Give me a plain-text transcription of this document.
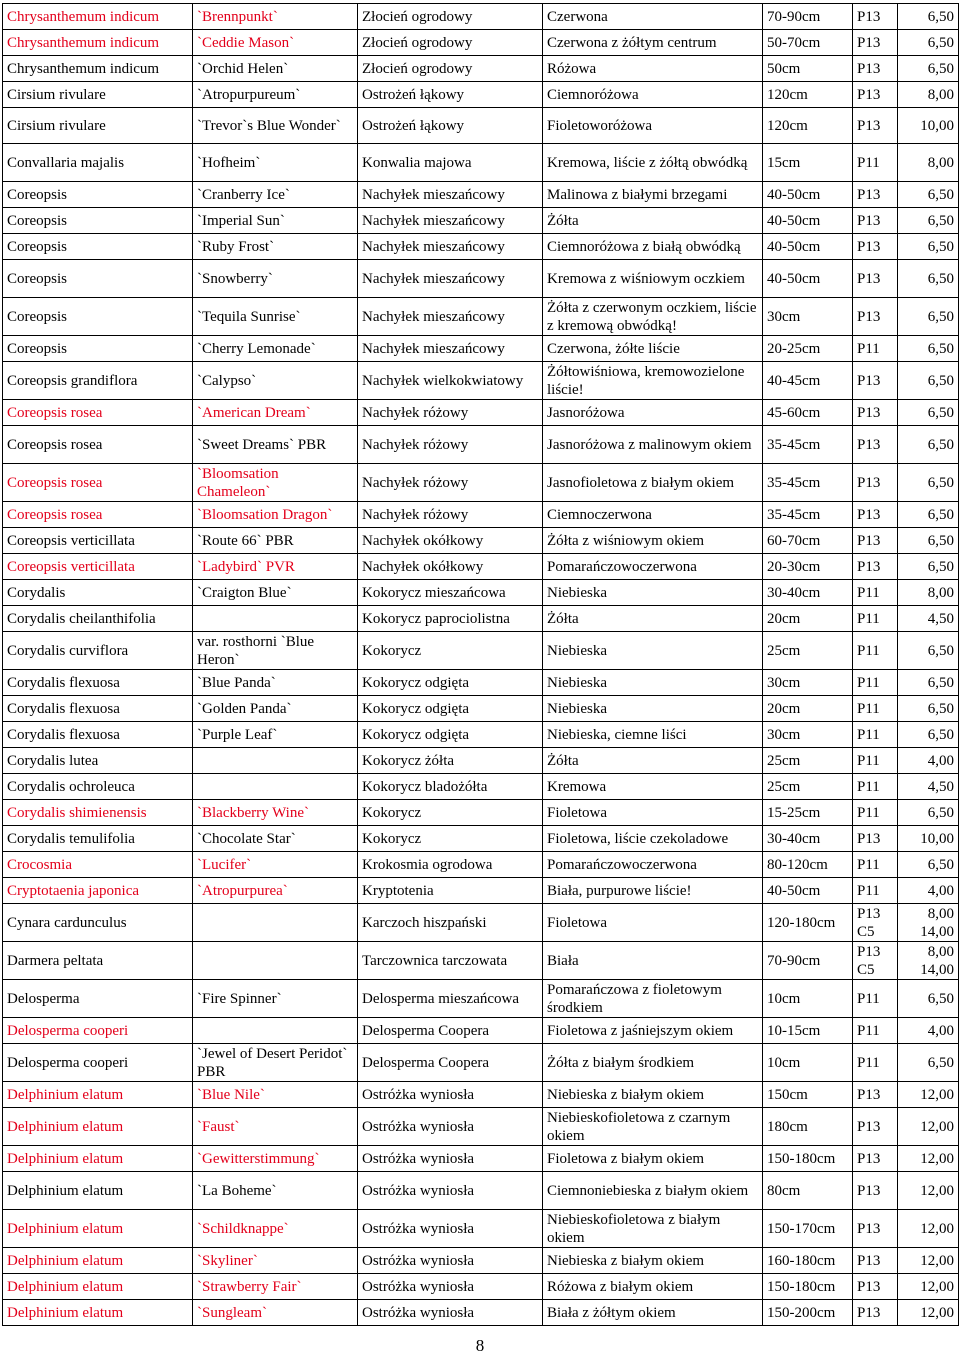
Chrysanthemum indicum	`Brennpunkt`	Złocień ogrodowy	Czerwona	70-90cm	P13	6,50
Chrysanthemum indicum	`Ceddie Mason`	Złocień ogrodowy	Czerwona z żółtym centrum	50-70cm	P13	6,50
Chrysanthemum indicum	`Orchid Helen`	Złocień ogrodowy	Różowa	50cm	P13	6,50
Cirsium rivulare	`Atropurpureum`	Ostrożeń łąkowy	Ciemnoróżowa	120cm	P13	8,00
Cirsium rivulare	`Trevor`s Blue Wonder`	Ostrożeń łąkowy	Fioletoworóżowa	120cm	P13	10,00
Convallaria majalis	`Hofheim`	Konwalia majowa	Kremowa, liście z żółtą obwódką	15cm	P11	8,00
Coreopsis	`Cranberry Ice`	Nachyłek mieszańcowy	Malinowa z białymi brzegami	40-50cm	P13	6,50
Coreopsis	`Imperial Sun`	Nachyłek mieszańcowy	Żółta	40-50cm	P13	6,50
Coreopsis	`Ruby Frost`	Nachyłek mieszańcowy	Ciemnoróżowa z białą obwódką	40-50cm	P13	6,50
Coreopsis	`Snowberry`	Nachyłek mieszańcowy	Kremowa z wiśniowym oczkiem	40-50cm	P13	6,50
Coreopsis	`Tequila Sunrise`	Nachyłek mieszańcowy	Żółta z czerwonym oczkiem, liście z kremową obwódką!	30cm	P13	6,50
Coreopsis	`Cherry Lemonade`	Nachyłek mieszańcowy	Czerwona, żółte liście	20-25cm	P11	6,50
Coreopsis grandiflora	`Calypso`	Nachyłek wielkokwiatowy	Żółtowiśniowa, kremowozielone liście!	40-45cm	P13	6,50
Coreopsis rosea	`American Dream`	Nachyłek różowy	Jasnoróżowa	45-60cm	P13	6,50
Coreopsis rosea	`Sweet Dreams` PBR	Nachyłek różowy	Jasnoróżowa z malinowym okiem	35-45cm	P13	6,50
Coreopsis rosea	`Bloomsation Chameleon`	Nachyłek różowy	Jasnofioletowa z białym okiem	35-45cm	P13	6,50
Coreopsis rosea	`Bloomsation Dragon`	Nachyłek różowy	Ciemnoczerwona	35-45cm	P13	6,50
Coreopsis verticillata	`Route 66` PBR	Nachyłek okółkowy	Żółta z wiśniowym okiem	60-70cm	P13	6,50
Coreopsis verticillata	`Ladybird` PVR	Nachyłek okółkowy	Pomarańczowoczerwona	20-30cm	P13	6,50
Corydalis	`Craigton Blue`	Kokorycz mieszańcowa	Niebieska	30-40cm	P11	8,00
Corydalis cheilanthifolia		Kokorycz paprociolistna	Żółta	20cm	P11	4,50
Corydalis curviflora	var. rosthorni `Blue Heron`	Kokorycz	Niebieska	25cm	P11	6,50
Corydalis flexuosa	`Blue Panda`	Kokorycz odgięta	Niebieska	30cm	P11	6,50
Corydalis flexuosa	`Golden Panda`	Kokorycz odgięta	Niebieska	20cm	P11	6,50
Corydalis flexuosa	`Purple Leaf`	Kokorycz odgięta	Niebieska, ciemne liści	30cm	P11	6,50
Corydalis lutea		Kokorycz żółta	Żółta	25cm	P11	4,00
Corydalis ochroleuca		Kokorycz bladożółta	Kremowa	25cm	P11	4,50
Corydalis shimienensis	`Blackberry Wine`	Kokorycz	Fioletowa	15-25cm	P11	6,50
Corydalis temulifolia	`Chocolate Star`	Kokorycz	Fioletowa, liście czekoladowe	30-40cm	P13	10,00
Crocosmia	`Lucifer`	Krokosmia ogrodowa	Pomarańczowoczerwona	80-120cm	P11	6,50
Cryptotaenia japonica	`Atropurpurea`	Kryptotenia	Biała, purpurowe liście!	40-50cm	P11	4,00
Cynara cardunculus		Karczoch hiszpański	Fioletowa	120-180cm	P13 C5	8,00 14,00
Darmera peltata		Tarczownica tarczowata	Biała	70-90cm	P13 C5	8,00 14,00
Delosperma	`Fire Spinner`	Delosperma mieszańcowa	Pomarańczowa z fioletowym środkiem	10cm	P11	6,50
Delosperma cooperi		Delosperma Coopera	Fioletowa z jaśniejszym okiem	10-15cm	P11	4,00
Delosperma cooperi	`Jewel of Desert Peridot` PBR	Delosperma Coopera	Żółta z białym środkiem	10cm	P11	6,50
Delphinium elatum	`Blue Nile`	Ostróżka wyniosła	Niebieska z białym okiem	150cm	P13	12,00
Delphinium elatum	`Faust`	Ostróżka wyniosła	Niebieskofioletowa z czarnym okiem	180cm	P13	12,00
Delphinium elatum	`Gewitterstimmung`	Ostróżka wyniosła	Fioletowa z białym okiem	150-180cm	P13	12,00
Delphinium elatum	`La Boheme`	Ostróżka wyniosła	Ciemnoniebieska z białym okiem	80cm	P13	12,00
Delphinium elatum	`Schildknappe`	Ostróżka wyniosła	Niebieskofioletowa z białym okiem	150-170cm	P13	12,00
Delphinium elatum	`Skyliner`	Ostróżka wyniosła	Niebieska z białym okiem	160-180cm	P13	12,00
Delphinium elatum	`Strawberry Fair`	Ostróżka wyniosła	Różowa z białym okiem	150-180cm	P13	12,00
Delphinium elatum	`Sungleam`	Ostróżka wyniosła	Biała z żółtym okiem	150-200cm	P13	12,00
8
